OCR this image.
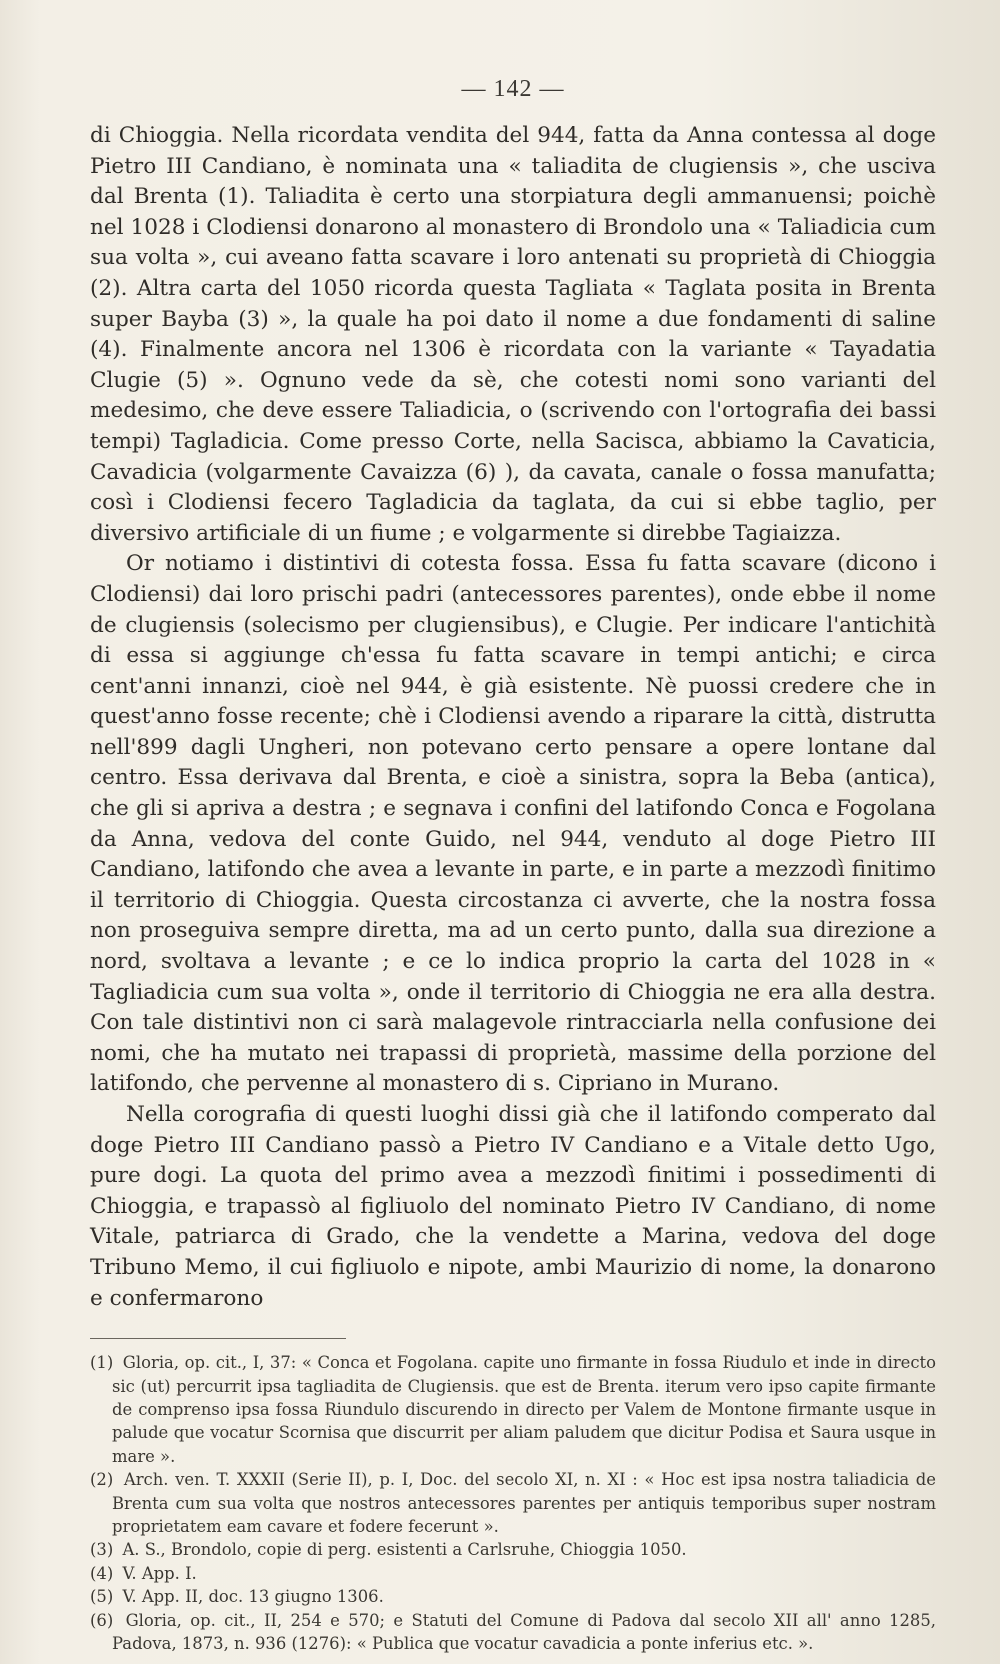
— 142 —

di Chioggia. Nella ricordata vendita del 944, fatta da Anna contessa al doge Pietro III Candiano, è nominata una « taliadita de clugiensis », che usciva dal Brenta (1). Taliadita è certo una storpiatura degli ammanuensi; poichè nel 1028 i Clodiensi donarono al monastero di Brondolo una « Taliadicia cum sua volta », cui aveano fatta scavare i loro antenati su proprietà di Chioggia (2). Altra carta del 1050 ricorda questa Tagliata « Taglata posita in Brenta super Bayba (3) », la quale ha poi dato il nome a due fondamenti di saline (4). Finalmente ancora nel 1306 è ricordata con la variante « Tayadatia Clugie (5) ». Ognuno vede da sè, che cotesti nomi sono varianti del medesimo, che deve essere Taliadicia, o (scrivendo con l'ortografia dei bassi tempi) Tagladicia. Come presso Corte, nella Sacisca, abbiamo la Cavaticia, Cavadicia (volgarmente Cavaizza (6) ), da cavata, canale o fossa manufatta; così i Clodiensi fecero Tagladicia da taglata, da cui si ebbe taglio, per diversivo artificiale di un fiume ; e volgarmente si direbbe Tagiaizza.

Or notiamo i distintivi di cotesta fossa. Essa fu fatta scavare (dicono i Clodiensi) dai loro prischi padri (antecessores parentes), onde ebbe il nome de clugiensis (solecismo per clugiensibus), e Clugie. Per indicare l'antichità di essa si aggiunge ch'essa fu fatta scavare in tempi antichi; e circa cent'anni innanzi, cioè nel 944, è già esistente. Nè puossi credere che in quest'anno fosse recente; chè i Clodiensi avendo a riparare la città, distrutta nell'899 dagli Ungheri, non potevano certo pensare a opere lontane dal centro. Essa derivava dal Brenta, e cioè a sinistra, sopra la Beba (antica), che gli si apriva a destra ; e segnava i confini del latifondo Conca e Fogolana da Anna, vedova del conte Guido, nel 944, venduto al doge Pietro III Candiano, latifondo che avea a levante in parte, e in parte a mezzodì finitimo il territorio di Chioggia. Questa circostanza ci avverte, che la nostra fossa non proseguiva sempre diretta, ma ad un certo punto, dalla sua direzione a nord, svoltava a levante ; e ce lo indica proprio la carta del 1028 in « Tagliadicia cum sua volta », onde il territorio di Chioggia ne era alla destra. Con tale distintivi non ci sarà malagevole rintracciarla nella confusione dei nomi, che ha mutato nei trapassi di proprietà, massime della porzione del latifondo, che pervenne al monastero di s. Cipriano in Murano.

Nella corografia di questi luoghi dissi già che il latifondo comperato dal doge Pietro III Candiano passò a Pietro IV Candiano e a Vitale detto Ugo, pure dogi. La quota del primo avea a mezzodì finitimi i possedimenti di Chioggia, e trapassò al figliuolo del nominato Pietro IV Candiano, di nome Vitale, patriarca di Grado, che la vendette a Marina, vedova del doge Tribuno Memo, il cui figliuolo e nipote, ambi Maurizio di nome, la donarono e confermarono

(1) Gloria, op. cit., I, 37: « Conca et Fogolana. capite uno firmante in fossa Riudulo et inde in directo sic (ut) percurrit ipsa tagliadita de Clugiensis. que est de Brenta. iterum vero ipso capite firmante de comprenso ipsa fossa Riundulo discurendo in directo per Valem de Montone firmante usque in palude que vocatur Scornisa que discurrit per aliam paludem que dicitur Podisa et Saura usque in mare ».

(2) Arch. ven. T. XXXII (Serie II), p. I, Doc. del secolo XI, n. XI : « Hoc est ipsa nostra taliadicia de Brenta cum sua volta que nostros antecessores parentes per antiquis temporibus super nostram proprietatem eam cavare et fodere fecerunt ».

(3) A. S., Brondolo, copie di perg. esistenti a Carlsruhe, Chioggia 1050.

(4) V. App. I.

(5) V. App. II, doc. 13 giugno 1306.

(6) Gloria, op. cit., II, 254 e 570; e Statuti del Comune di Padova dal secolo XII all' anno 1285, Padova, 1873, n. 936 (1276): « Publica que vocatur cavadicia a ponte inferius etc. ».
